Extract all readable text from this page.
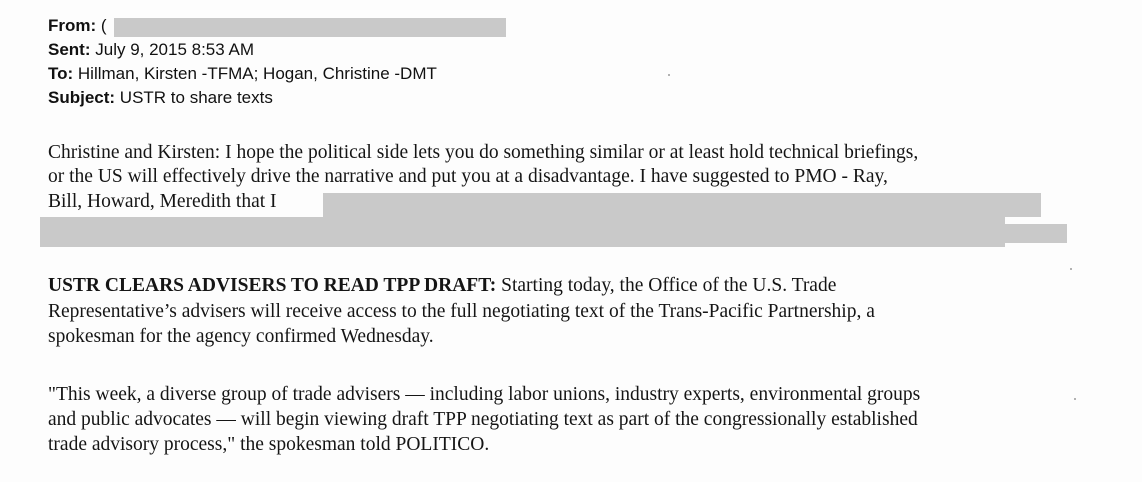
From: (
Sent: July 9, 2015 8:53 AM
To: Hillman, Kirsten -TFMA; Hogan, Christine -DMT
Subject: USTR to share texts
Christine and Kirsten: I hope the political side lets you do something similar or at least hold technical briefings,
or the US will effectively drive the narrative and put you at a disadvantage. I have suggested to PMO - Ray,
Bill, Howard, Meredith that I
USTR CLEARS ADVISERS TO READ TPP DRAFT: Starting today, the Office of the U.S. Trade
Representative’s advisers will receive access to the full negotiating text of the Trans-Pacific Partnership, a
spokesman for the agency confirmed Wednesday.
"This week, a diverse group of trade advisers — including labor unions, industry experts, environmental groups
and public advocates — will begin viewing draft TPP negotiating text as part of the congressionally established
trade advisory process," the spokesman told POLITICO.
